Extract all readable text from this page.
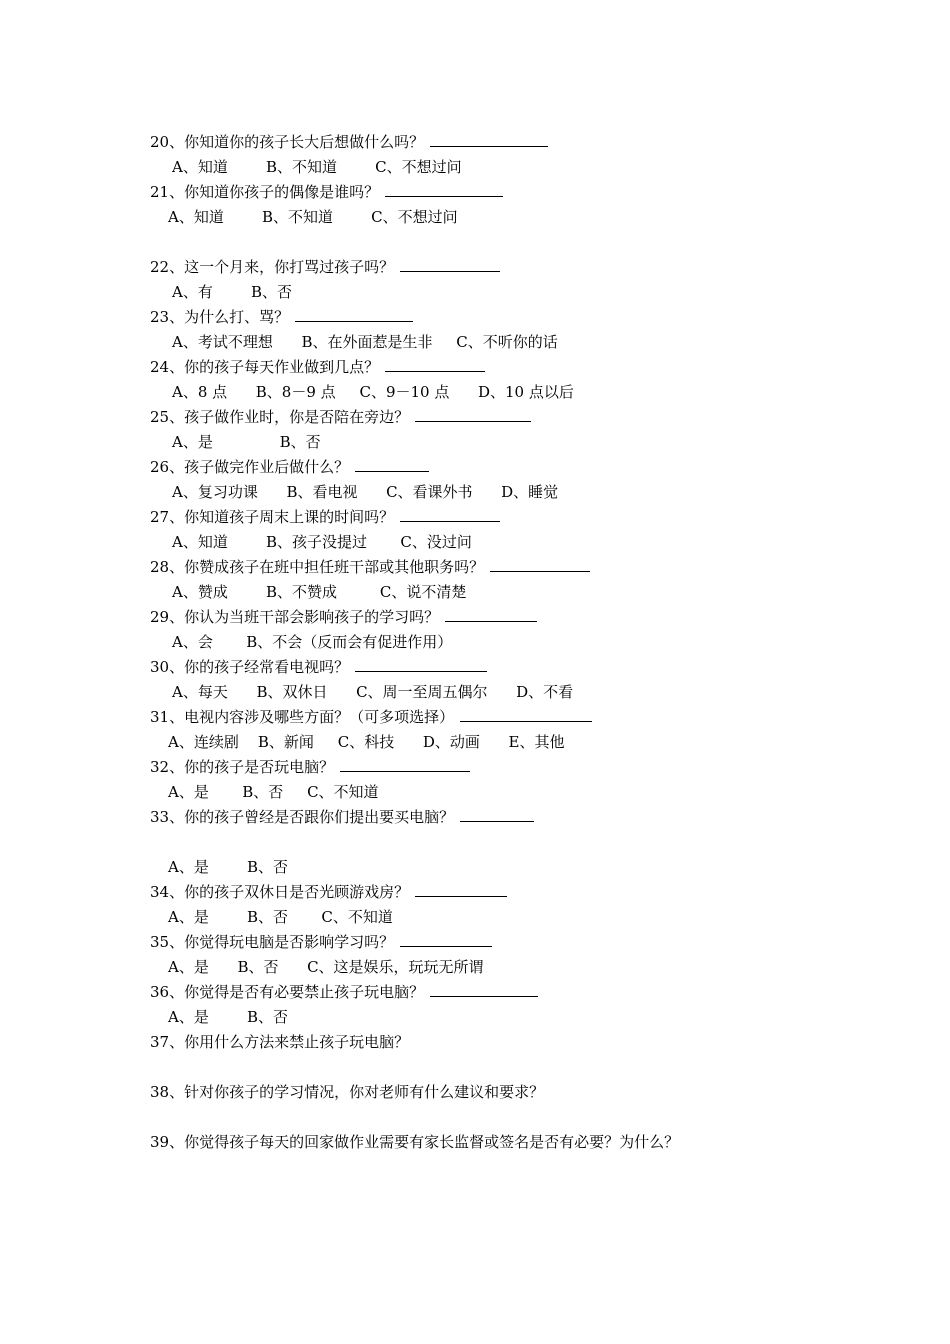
20、你知道你的孩子长大后想做什么吗？
A、知道        B、不知道        C、不想过问
21、你知道你孩子的偶像是谁吗？
A、知道        B、不知道        C、不想过问
22、这一个月来，你打骂过孩子吗？
A、有        B、否
23、为什么打、骂？
A、考试不理想      B、在外面惹是生非     C、不听你的话
24、你的孩子每天作业做到几点？
A、8 点      B、8－9 点     C、9－10 点      D、10 点以后
25、孩子做作业时，你是否陪在旁边？
A、是              B、否
26、孩子做完作业后做什么？
A、复习功课      B、看电视      C、看课外书      D、睡觉
27、你知道孩子周末上课的时间吗？
A、知道        B、孩子没提过       C、没过问
28、你赞成孩子在班中担任班干部或其他职务吗？
A、赞成        B、不赞成         C、说不清楚
29、你认为当班干部会影响孩子的学习吗？
A、会       B、不会（反而会有促进作用）
30、你的孩子经常看电视吗？
A、每天      B、双休日      C、周一至周五偶尔      D、不看
31、电视内容涉及哪些方面？（可多项选择）
A、连续剧    B、新闻     C、科技      D、动画      E、其他
32、你的孩子是否玩电脑？
A、是       B、否     C、不知道
33、你的孩子曾经是否跟你们提出要买电脑？
A、是        B、否
34、你的孩子双休日是否光顾游戏房？
A、是        B、否       C、不知道
35、你觉得玩电脑是否影响学习吗？
A、是      B、否      C、这是娱乐，玩玩无所谓
36、你觉得是否有必要禁止孩子玩电脑？
A、是        B、否
37、你用什么方法来禁止孩子玩电脑？
38、针对你孩子的学习情况，你对老师有什么建议和要求？
39、你觉得孩子每天的回家做作业需要有家长监督或签名是否有必要？为什么？
